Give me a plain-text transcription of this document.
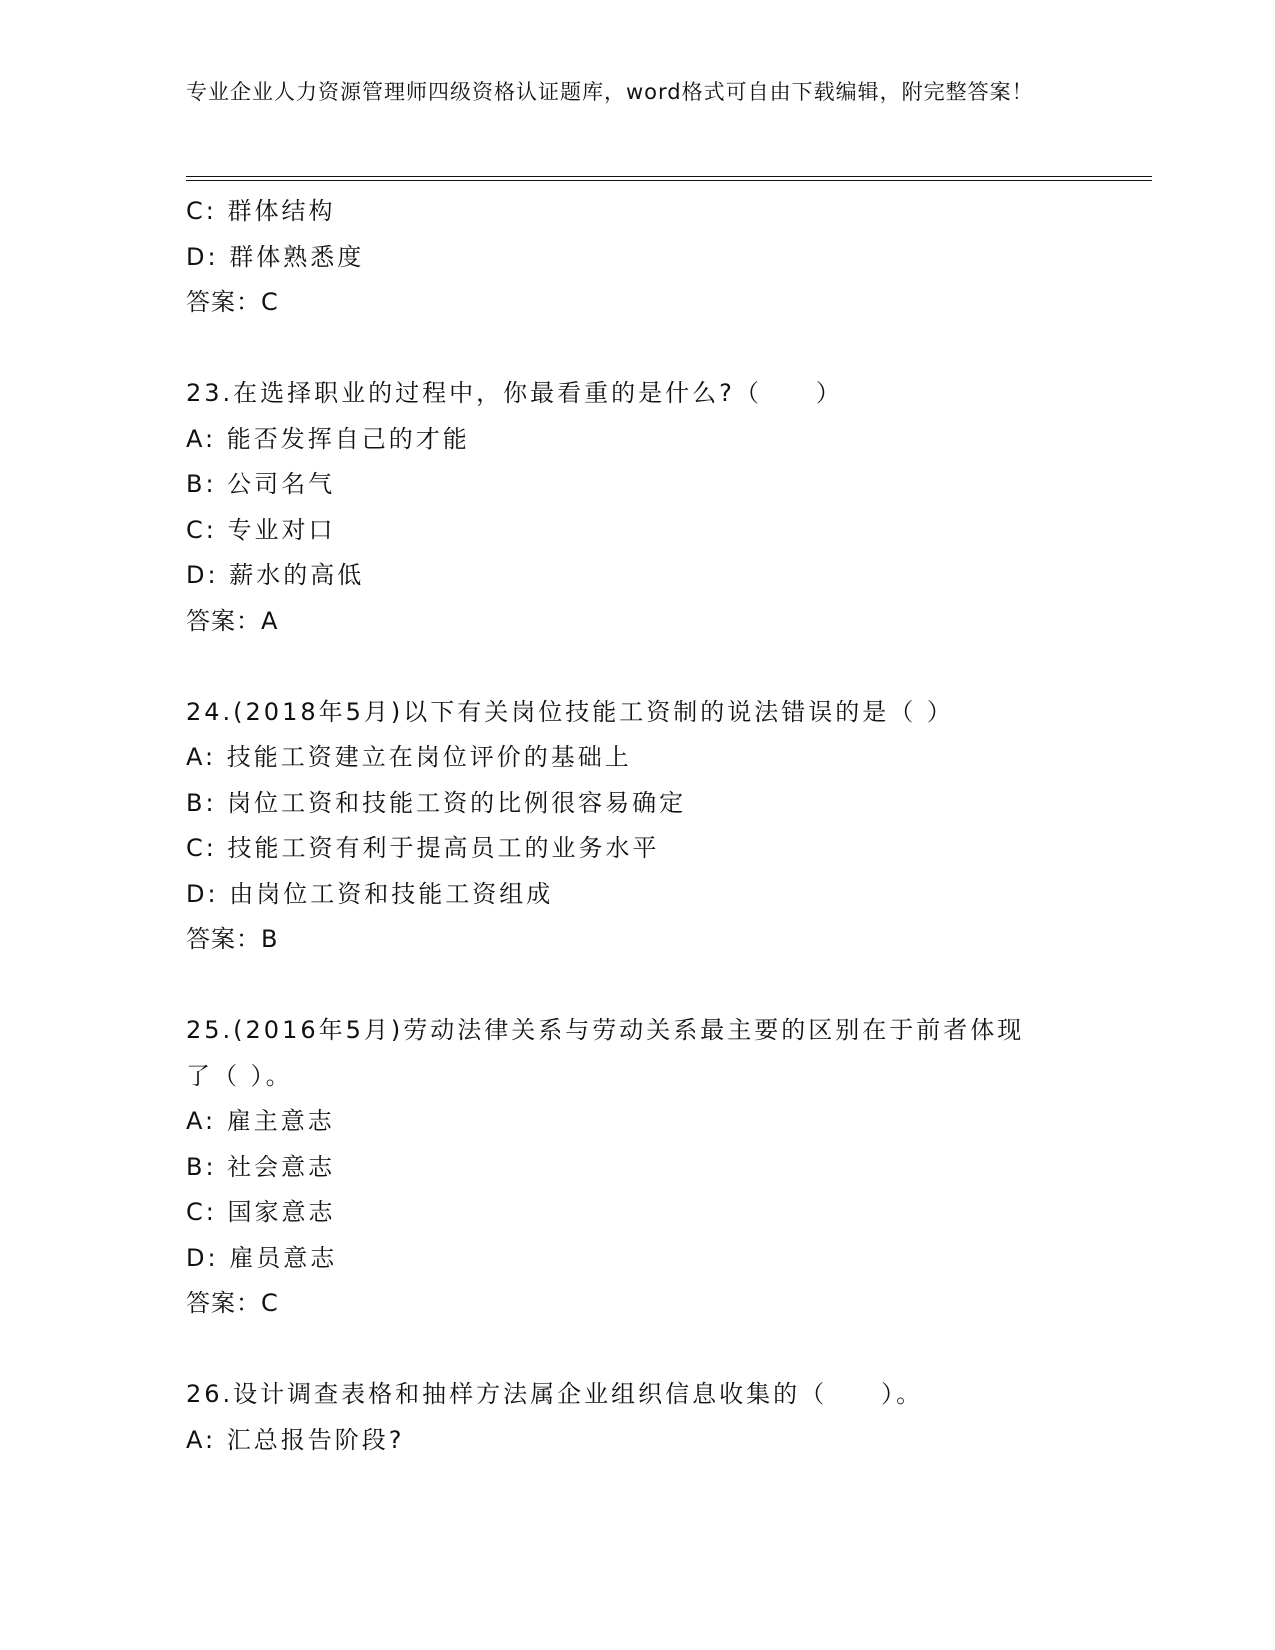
专业企业人力资源管理师四级资格认证题库，word格式可自由下载编辑，附完整答案！
C: 群体结构
D: 群体熟悉度
答案：C
23.在选择职业的过程中，你最看重的是什么?（　　）
A: 能否发挥自己的才能
B: 公司名气
C: 专业对口
D: 薪水的高低
答案：A
24.(2018年5月)以下有关岗位技能工资制的说法错误的是（ ）
A: 技能工资建立在岗位评价的基础上
B: 岗位工资和技能工资的比例很容易确定
C: 技能工资有利于提高员工的业务水平
D: 由岗位工资和技能工资组成
答案：B
25.(2016年5月)劳动法律关系与劳动关系最主要的区别在于前者体现
了（ ）。
A: 雇主意志
B: 社会意志
C: 国家意志
D: 雇员意志
答案：C
26.设计调查表格和抽样方法属企业组织信息收集的（　　）。
A: 汇总报告阶段?
